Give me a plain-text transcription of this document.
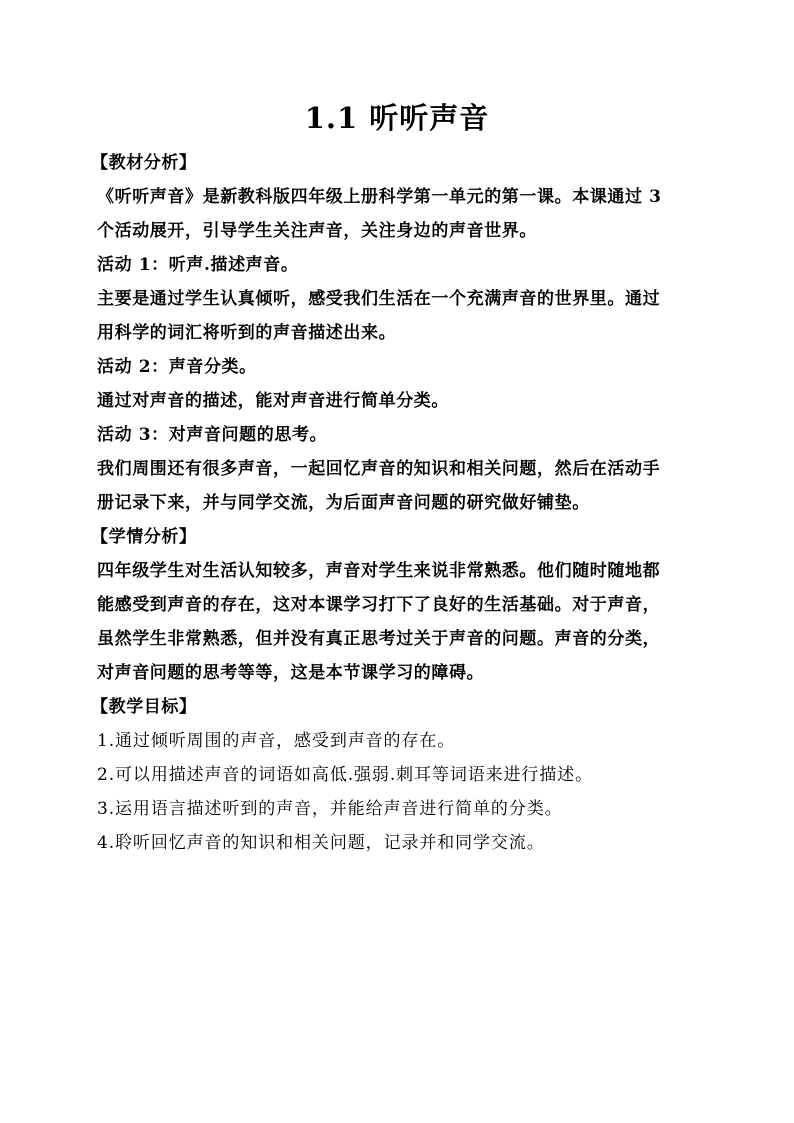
1.1 听听声音
【教材分析】
《听听声音》是新教科版四年级上册科学第一单元的第一课。本课通过 3
个活动展开，引导学生关注声音，关注身边的声音世界。
活动 1：听声.描述声音。
主要是通过学生认真倾听，感受我们生活在一个充满声音的世界里。通过
用科学的词汇将听到的声音描述出来。
活动 2：声音分类。
通过对声音的描述，能对声音进行简单分类。
活动 3：对声音问题的思考。
我们周围还有很多声音，一起回忆声音的知识和相关问题，然后在活动手
册记录下来，并与同学交流，为后面声音问题的研究做好铺垫。
【学情分析】
四年级学生对生活认知较多，声音对学生来说非常熟悉。他们随时随地都
能感受到声音的存在，这对本课学习打下了良好的生活基础。对于声音，
虽然学生非常熟悉，但并没有真正思考过关于声音的问题。声音的分类，
对声音问题的思考等等，这是本节课学习的障碍。
【教学目标】
1.通过倾听周围的声音，感受到声音的存在。
2.可以用描述声音的词语如高低.强弱.刺耳等词语来进行描述。
3.运用语言描述听到的声音，并能给声音进行简单的分类。
4.聆听回忆声音的知识和相关问题，记录并和同学交流。
